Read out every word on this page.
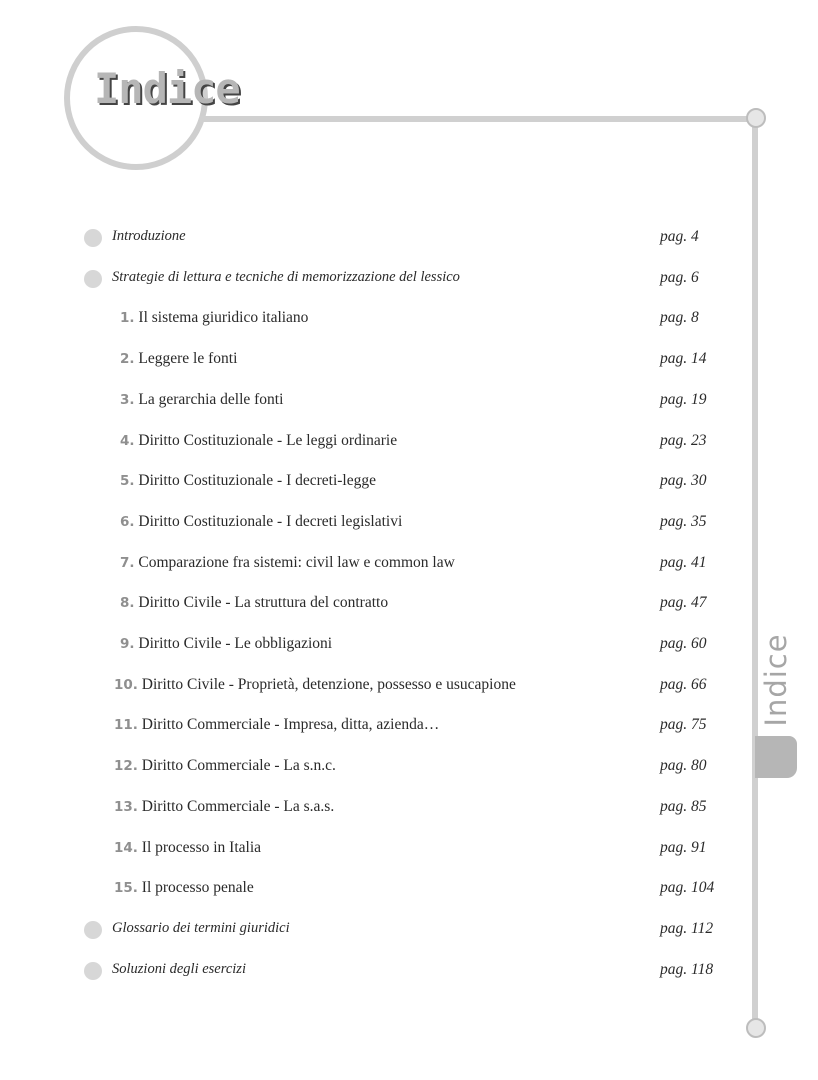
Indice
Indice
Introduzione	pag. 4
Strategie di lettura e tecniche di memorizzazione del lessico	pag. 6
1. Il sistema giuridico italiano	pag. 8
2. Leggere le fonti	pag. 14
3. La gerarchia delle fonti	pag. 19
4. Diritto Costituzionale - Le leggi ordinarie	pag. 23
5. Diritto Costituzionale - I decreti-legge	pag. 30
6. Diritto Costituzionale - I decreti legislativi	pag. 35
7. Comparazione fra sistemi: civil law e common law	pag. 41
8. Diritto Civile - La struttura del contratto	pag. 47
9. Diritto Civile - Le obbligazioni	pag. 60
10. Diritto Civile - Proprietà, detenzione, possesso e usucapione	pag. 66
11. Diritto Commerciale - Impresa, ditta, azienda…	pag. 75
12. Diritto Commerciale - La s.n.c.	pag. 80
13. Diritto Commerciale - La s.a.s.	pag. 85
14. Il processo in Italia	pag. 91
15. Il processo penale	pag. 104
Glossario dei termini giuridici	pag. 112
Soluzioni degli esercizi	pag. 118
